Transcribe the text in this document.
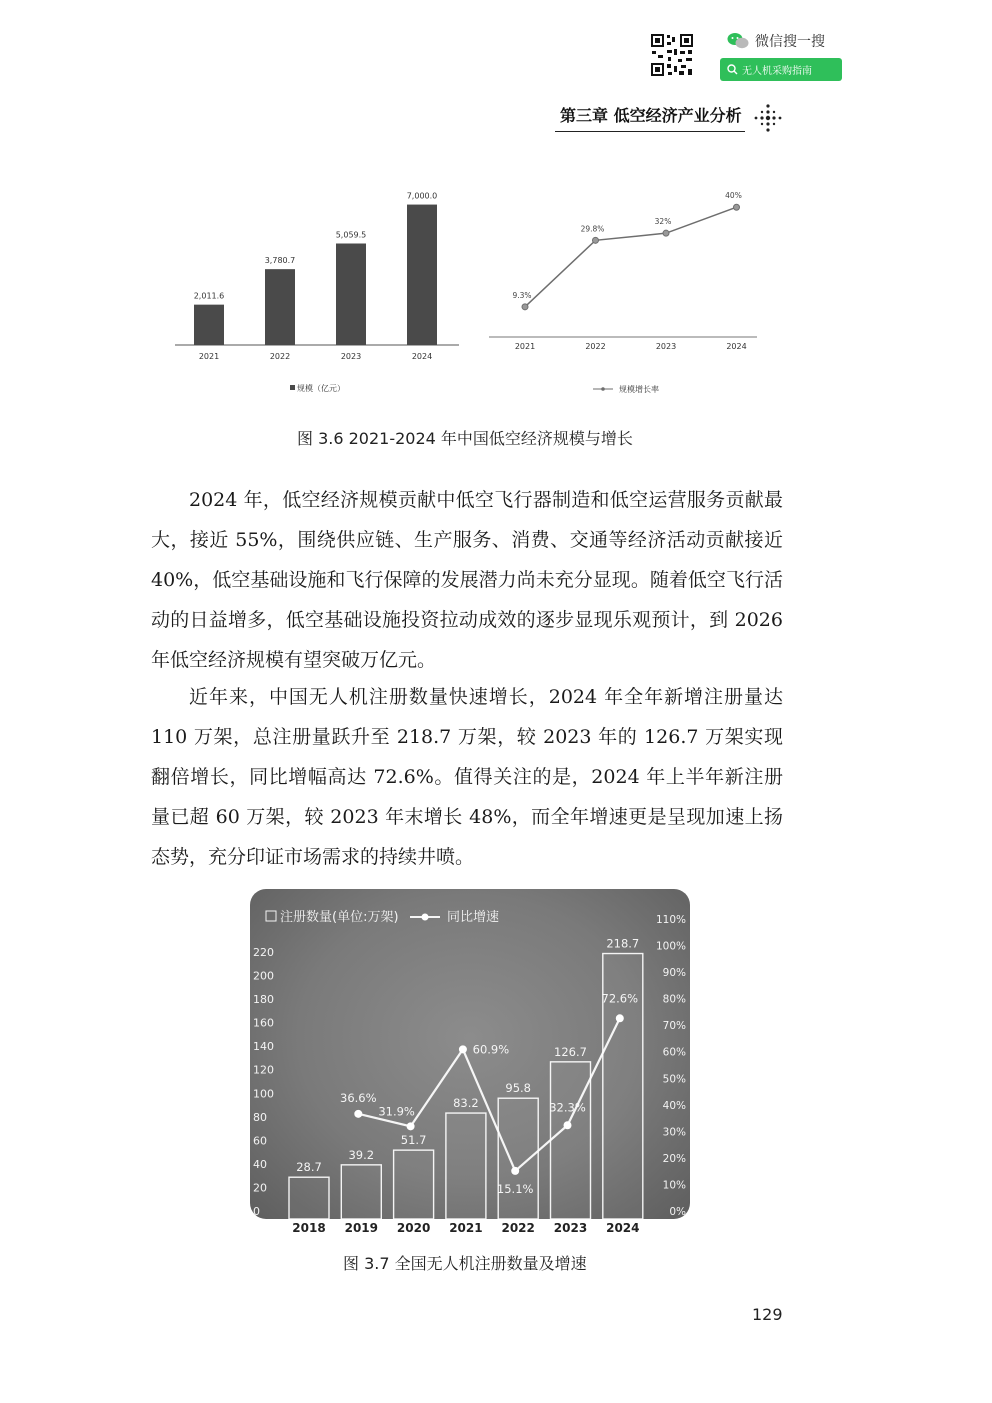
微信搜一搜
无人机采购指南
第三章 低空经济产业分析
2,011.6
2021
3,780.7
2022
5,059.5
2023
7,000.0
2024
规模（亿元）
9.3%
2021
29.8%
2022
32%
2023
40%
2024
规模增长率
图 3.6 2021-2024 年中国低空经济规模与增长

2024 年，低空经济规模贡献中低空飞行器制造和低空运营服务贡献最大，接近 55%，围绕供应链、生产服务、消费、交通等经济活动贡献接近 40%，低空基础设施和飞行保障的发展潜力尚未充分显现。随着低空飞行活动的日益增多，低空基础设施投资拉动成效的逐步显现乐观预计，到 2026 年低空经济规模有望突破万亿元。

近年来，中国无人机注册数量快速增长，2024 年全年新增注册量达 110 万架，总注册量跃升至 218.7 万架，较 2023 年的 126.7 万架实现翻倍增长，同比增幅高达 72.6%。值得关注的是，2024 年上半年新注册量已超 60 万架，较 2023 年末增长 48%，而全年增速更是呈现加速上扬态势，充分印证市场需求的持续井喷。

0
20
40
60
80
100
120
140
160
180
200
220
0%
10%
20%
30%
40%
50%
60%
70%
80%
90%
100%
110%
28.7
39.2
51.7
83.2
95.8
126.7
218.7
36.6%
31.9%
60.9%
15.1%
32.3%
72.6%
注册数量(单位:万架)	同比增速
2018 2019 2020 2021 2022 2023 2024
图 3.7 全国无人机注册数量及增速
129
